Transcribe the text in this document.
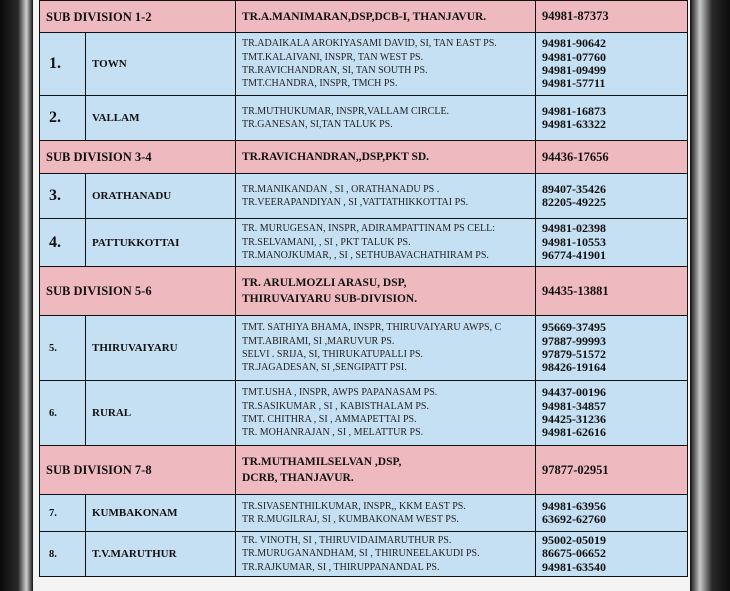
SUB DIVISION 1-2		TR.A.MANIMARAN,DSP,DCB-I, THANJAVUR.	94981-87373

1.	TOWN	TR.ADAIKALA AROKIYASAMI DAVID, SI, TAN EAST PS.
TMT.KALAIVANI, INSPR, TAN WEST PS.
TR.RAVICHANDRAN, SI, TAN SOUTH PS.
TMT.CHANDRA, INSPR, TMCH PS.	94981-90642
94981-07760
94981-09499
94981-57711

2.	VALLAM	TR.MUTHUKUMAR, INSPR,VALLAM CIRCLE.
TR.GANESAN, SI,TAN TALUK PS.	94981-16873
94981-63322

SUB DIVISION 3-4		TR.RAVICHANDRAN,,DSP,PKT SD.	94436-17656

3.	ORATHANADU	TR.MANIKANDAN , SI , ORATHANADU PS .
TR.VEERAPANDIYAN , SI ,VATTATHIKKOTTAI PS.	89407-35426
82205-49225

4.	PATTUKKOTTAI	TR. MURUGESAN, INSPR, ADIRAMPATTINAM PS CELL:
TR.SELVAMANI, , SI , PKT TALUK PS.
TR.MANOJKUMAR, , SI , SETHUBAVACHATHIRAM PS.	94981-02398
94981-10553
96774-41901

SUB DIVISION 5-6		TR. ARULMOZLI ARASU, DSP,
THIRUVAIYARU SUB-DIVISION.	94435-13881

5.	THIRUVAIYARU	TMT. SATHIYA BHAMA, INSPR, THIRUVAIYARU AWPS, C
TMT.ABIRAMI, SI ,MARUVUR PS.
SELVI . SRIJA, SI, THIRUKATUPALLI PS.
TR.JAGADESAN, SI ,SENGIPATT PSI.	95669-37495
97887-99993
97879-51572
98426-19164

6.	RURAL	TMT.USHA , INSPR, AWPS PAPANASAM PS.
TR.SASIKUMAR , SI , KABISTHALAM PS.
TMT. CHITHRA , SI , AMMAPETTAI PS.
TR. MOHANRAJAN , SI , MELATTUR PS.	94437-00196
94981-34857
94425-31236
94981-62616

SUB DIVISION 7-8		TR.MUTHAMILSELVAN ,DSP,
DCRB, THANJAVUR.	97877-02951

7.	KUMBAKONAM	TR.SIVASENTHILKUMAR, INSPR,, KKM EAST PS.
TR R.MUGILRAJ, SI , KUMBAKONAM WEST PS.	94981-63956
63692-62760

8.	T.V.MARUTHUR	TR. VINOTH, SI , THIRUVIDAIMARUTHUR PS.
TR.MURUGANANDHAM, SI , THIRUNEELAKUDI PS.
TR.RAJKUMAR, SI , THIRUPPANANDAL PS.	95002-05019
86675-06652
94981-63540
